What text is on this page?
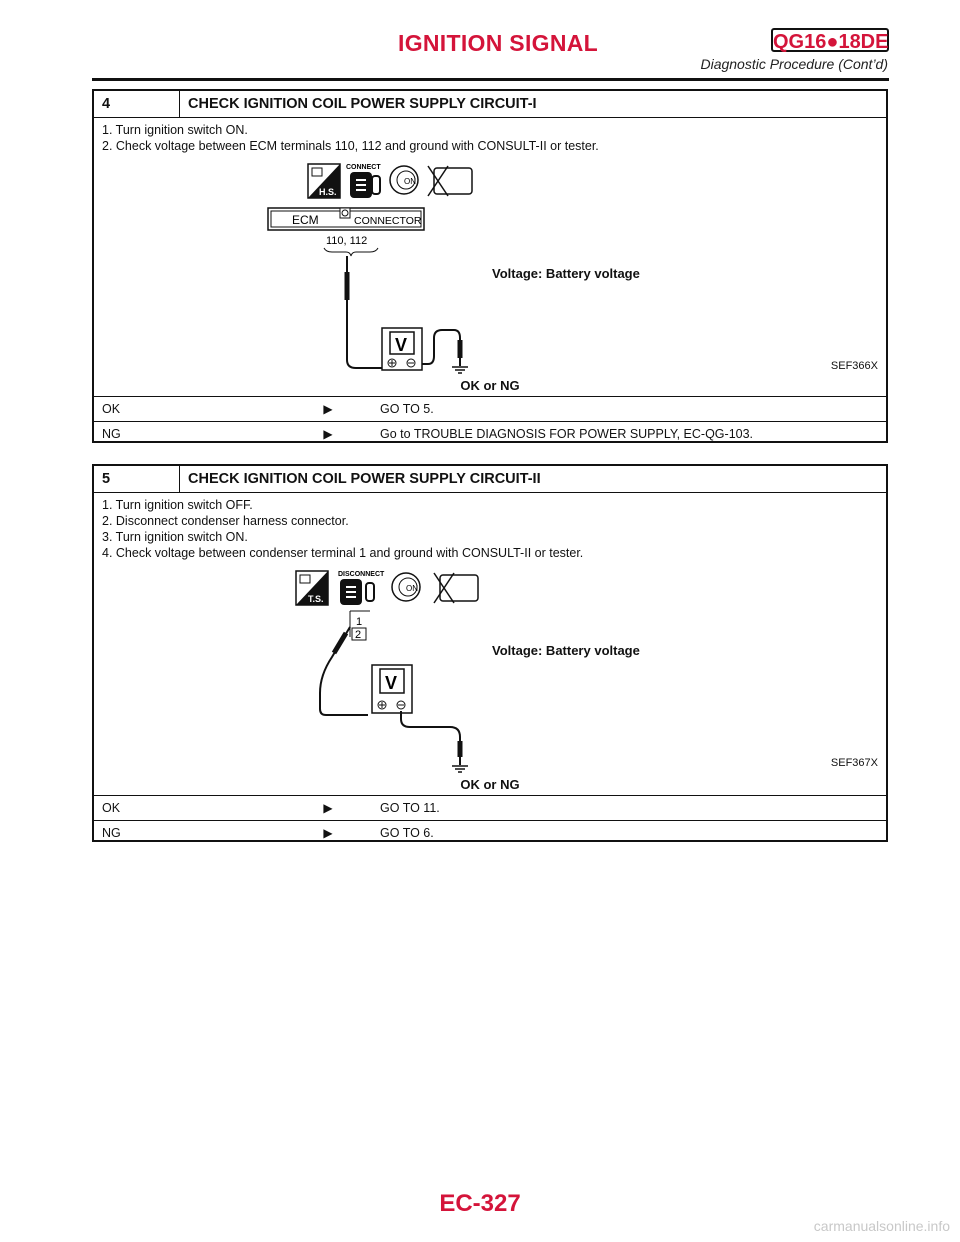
IGNITION SIGNAL	QG16●18DE
Diagnostic Procedure (Cont’d)
4	CHECK IGNITION COIL POWER SUPPLY CIRCUIT-I
1. Turn ignition switch ON.
2. Check voltage between ECM terminals 110, 112 and ground with CONSULT-II or tester.
H.S.
CONNECT
ON
ECM	CONNECTOR
110, 112
V
Voltage: Battery voltage
SEF366X
OK or NG
OK	▶	GO TO 5.
NG	▶	Go to TROUBLE DIAGNOSIS FOR POWER SUPPLY, EC-QG-103.
5	CHECK IGNITION COIL POWER SUPPLY CIRCUIT-II
1. Turn ignition switch OFF.
2. Disconnect condenser harness connector.
3. Turn ignition switch ON.
4. Check voltage between condenser terminal 1 and ground with CONSULT-II or tester.
T.S.
DISCONNECT
ON
1
2
V
Voltage: Battery voltage
SEF367X
OK or NG
OK	▶	GO TO 11.
NG	▶	GO TO 6.
EC-327
carmanualsonline.info
